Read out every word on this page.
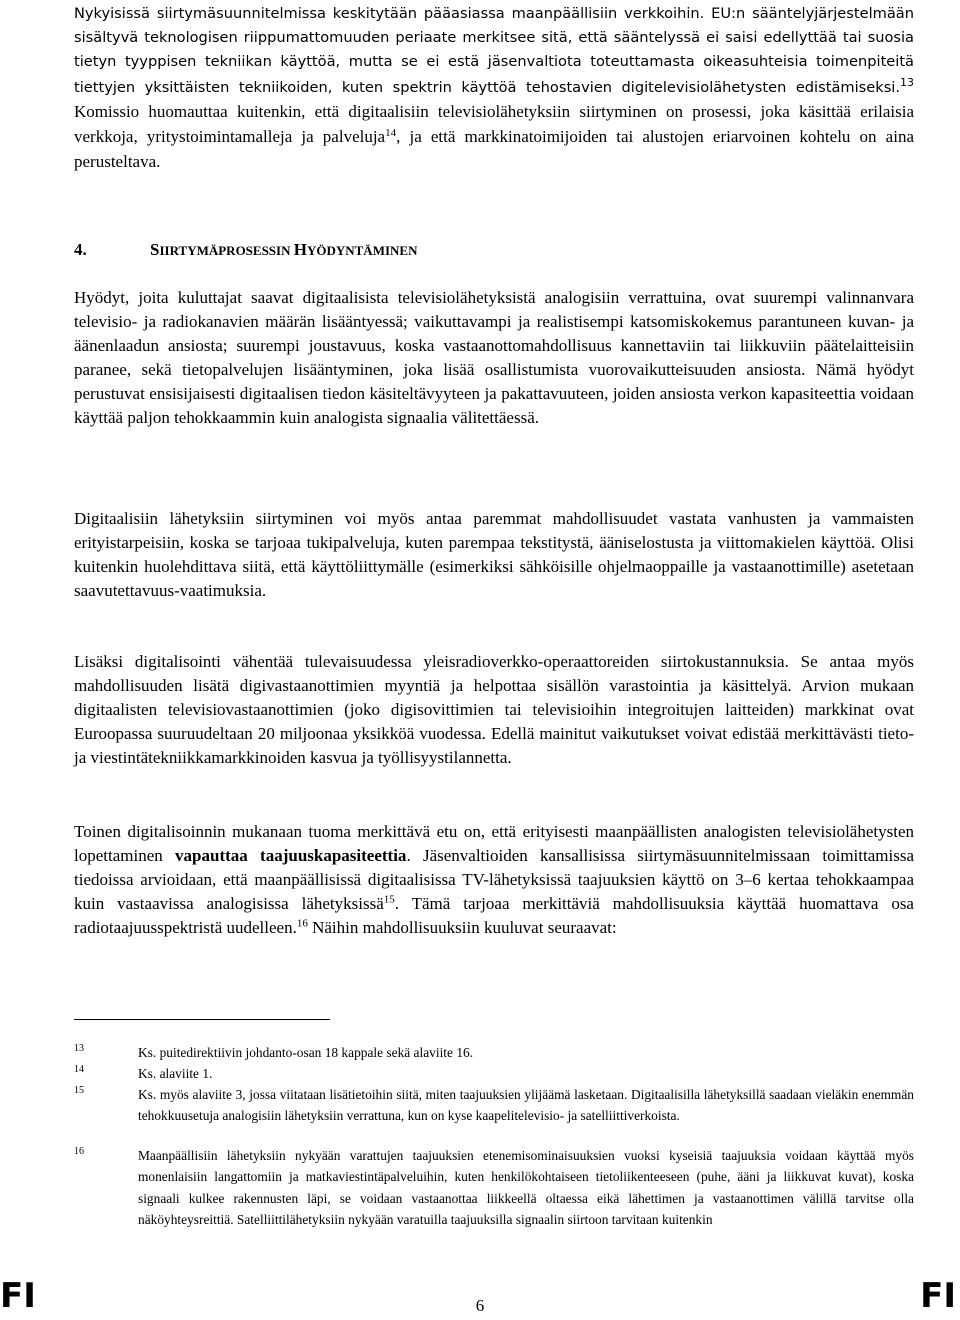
Nykyisissä siirtymäsuunnitelmissa keskitytään pääasiassa maanpäällisiin verkkoihin. EU:n sääntelyjärjestelmään sisältyvä teknologisen riippumattomuuden periaate merkitsee sitä, että sääntelyssä ei saisi edellyttää tai suosia tietyn tyyppisen tekniikan käyttöä, mutta se ei estä jäsenvaltiota toteuttamasta oikeasuhteisia toimenpiteitä tiettyjen yksittäisten tekniikoiden, kuten spektrin käyttöä tehostavien digitelevisiolähetysten edistämiseksi.$^{13}$ Komissio huomauttaa kuitenkin, että digitaalisiin televisiolähetyksiin siirtyminen on prosessi, joka käsittää erilaisia verkkoja, yritystoimintamalleja ja palveluja$^{14}$, ja että markkinatoimijoiden tai alustojen eriarvoinen kohtelu on aina perusteltava.

4.	SIIRTYMÄPROSESSIN HYÖDYNTÄMINEN

Hyödyt, joita kuluttajat saavat digitaalisista televisiolähetyksistä analogisiin verrattuina, ovat suurempi valinnanvara televisio- ja radiokanavien määrän lisääntyessä; vaikuttavampi ja realistisempi katsomiskokemus parantuneen kuvan- ja äänenlaadun ansiosta; suurempi joustavuus, koska vastaanottomahdollisuus kannettaviin tai liikkuviin päätelaitteisiin paranee, sekä tietopalvelujen lisääntyminen, joka lisää osallistumista vuorovaikutteisuuden ansiosta. Nämä hyödyt perustuvat ensisijaisesti digitaalisen tiedon käsiteltävyyteen ja pakattavuuteen, joiden ansiosta verkon kapasiteettia voidaan käyttää paljon tehokkaammin kuin analogista signaalia välitettäessä.

Digitaalisiin lähetyksiin siirtyminen voi myös antaa paremmat mahdollisuudet vastata vanhusten ja vammaisten erityistarpeisiin, koska se tarjoaa tukipalveluja, kuten parempaa tekstitystä, ääniselostusta ja viittomakielen käyttöä. Olisi kuitenkin huolehdittava siitä, että käyttöliittymälle (esimerkiksi sähköisille ohjelmaoppaille ja vastaanottimille) asetetaan saavutettavuus-vaatimuksia.

Lisäksi digitalisointi vähentää tulevaisuudessa yleisradioverkko-operaattoreiden siirtokustannuksia. Se antaa myös mahdollisuuden lisätä digivastaanottimien myyntiä ja helpottaa sisällön varastointia ja käsittelyä. Arvion mukaan digitaalisten televisiovastaanottimien (joko digisovittimien tai televisioihin integroitujen laitteiden) markkinat ovat Euroopassa suuruudeltaan 20 miljoonaa yksikköä vuodessa. Edellä mainitut vaikutukset voivat edistää merkittävästi tieto- ja viestintätekniikkamarkkinoiden kasvua ja työllisyystilannetta.

Toinen digitalisoinnin mukanaan tuoma merkittävä etu on, että erityisesti maanpäällisten analogisten televisiolähetysten lopettaminen vapauttaa taajuuskapasiteettia. Jäsenvaltioiden kansallisissa siirtymäsuunnitelmissaan toimittamissa tiedoissa arvioidaan, että maanpäällisissä digitaalisissa TV-lähetyksissä taajuuksien käyttö on 3–6 kertaa tehokkaampaa kuin vastaavissa analogisissa lähetyksissä$^{15}$. Tämä tarjoaa merkittäviä mahdollisuuksia käyttää huomattava osa radiotaajuusspektristä uudelleen.$^{16}$ Näihin mahdollisuuksiin kuuluvat seuraavat:

13	Ks. puitedirektiivin johdanto-osan 18 kappale sekä alaviite 16.
14	Ks. alaviite 1.
15	Ks. myös alaviite 3, jossa viitataan lisätietoihin siitä, miten taajuuksien ylijäämä lasketaan. Digitaalisilla lähetyksillä saadaan vieläkin enemmän tehokkuusetuja analogisiin lähetyksiin verrattuna, kun on kyse kaapelitelevisio- ja satelliittiverkoista.
16	Maanpäällisiin lähetyksiin nykyään varattujen taajuuksien etenemisominaisuuksien vuoksi kyseisiä taajuuksia voidaan käyttää myös monenlaisiin langattomiin ja matkaviestintäpalveluihin, kuten henkilökohtaiseen tietoliikenteeseen (puhe, ääni ja liikkuvat kuvat), koska signaali kulkee rakennusten läpi, se voidaan vastaanottaa liikkeellä oltaessa eikä lähettimen ja vastaanottimen välillä tarvitse olla näköyhteysreittiä. Satelliittilähetyksiin nykyään varatuilla taajuuksilla signaalin siirtoon tarvitaan kuitenkin
FI	6	FI
